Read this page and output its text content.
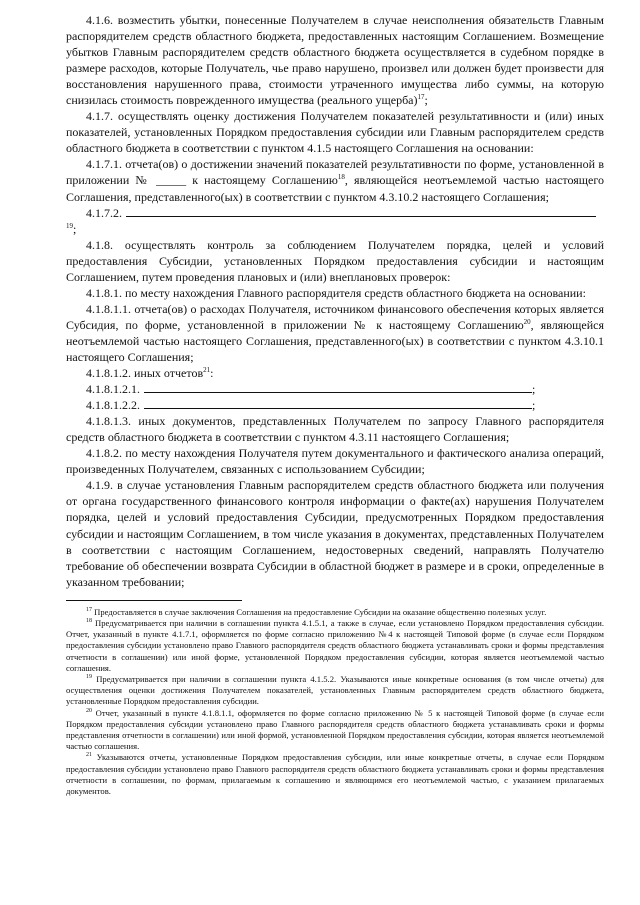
4.1.6. возместить убытки, понесенные Получателем в случае неисполнения обязательств Главным распорядителем средств областного бюджета, предоставленных настоящим Соглашением. Возмещение убытков Главным распорядителем средств областного бюджета осуществляется в судебном порядке в размере расходов, которые Получатель, чье право нарушено, произвел или должен будет произвести для восстановления нарушенного права, стоимости утраченного имущества либо суммы, на которую снизилась стоимость поврежденного имущества (реального ущерба)$^{17}$;

4.1.7. осуществлять оценку достижения Получателем показателей результативности и (или) иных показателей, установленных Порядком предоставления субсидии или Главным распорядителем средств областного бюджета в соответствии с пунктом 4.1.5 настоящего Соглашения на основании:

4.1.7.1. отчета(ов) о достижении значений показателей результативности по форме, установленной в приложении № _____ к настоящему Соглашению$^{18}$, являющейся неотъемлемой частью настоящего Соглашения, представленного(ых) в соответствии с пунктом 4.3.10.2 настоящего Соглашения;

4.1.7.2.19;

4.1.8. осуществлять контроль за соблюдением Получателем порядка, целей и условий предоставления Субсидии, установленных Порядком предоставления субсидии и настоящим Соглашением, путем проведения плановых и (или) внеплановых проверок:

4.1.8.1. по месту нахождения Главного распорядителя средств областного бюджета на основании:

4.1.8.1.1. отчета(ов) о расходах Получателя, источником финансового обеспечения которых является Субсидия, по форме, установленной в приложении № к настоящему Соглашению$^{20}$, являющейся неотъемлемой частью настоящего Соглашения, представленного(ых) в соответствии с пунктом 4.3.10.1 настоящего Соглашения;

4.1.8.1.2. иных отчетов$^{21}$:

4.1.8.1.2.1.	;

4.1.8.1.2.2.	;

4.1.8.1.3. иных документов, представленных Получателем по запросу Главного распорядителя средств областного бюджета в соответствии с пунктом 4.3.11 настоящего Соглашения;

4.1.8.2. по месту нахождения Получателя путем документального и фактического анализа операций, произведенных Получателем, связанных с использованием Субсидии;

4.1.9. в случае установления Главным распорядителем средств областного бюджета или получения от органа государственного финансового контроля информации о факте(ах) нарушения Получателем порядка, целей и условий предоставления Субсидии, предусмотренных Порядком предоставления субсидии и настоящим Соглашением, в том числе указания в документах, представленных Получателем в соответствии с настоящим Соглашением, недостоверных сведений, направлять Получателю требование об обеспечении возврата Субсидии в областной бюджет в размере и в сроки, определенные в указанном требовании;

$^{17}$ Предоставляется в случае заключения Соглашения на предоставление Субсидии на оказание общественно полезных услуг.

$^{18}$ Предусматривается при наличии в соглашении пункта 4.1.5.1, а также в случае, если установлено Порядком предоставления субсидии. Отчет, указанный в пункте 4.1.7.1, оформляется по форме согласно приложению №4 к настоящей Типовой форме (в случае если Порядком предоставления субсидии установлено право Главного распорядителя средств областного бюджета устанавливать сроки и формы представления отчетности в соглашении) или иной форме, установленной Порядком предоставления субсидии, которая является неотъемлемой частью соглашения.

$^{19}$ Предусматривается при наличии в соглашении пункта 4.1.5.2. Указываются иные конкретные основания (в том числе отчеты) для осуществления оценки достижения Получателем показателей, установленных Главным распорядителем средств областного бюджета, установленные Порядком предоставления субсидии.

$^{20}$ Отчет, указанный в пункте 4.1.8.1.1, оформляется по форме согласно приложению № 5 к настоящей Типовой форме (в случае если Порядком предоставления субсидии установлено право Главного распорядителя средств областного бюджета устанавливать сроки и формы представления отчетности в соглашении) или иной формой, установленной Порядком предоставления субсидии, которая является неотъемлемой частью соглашения.

$^{21}$ Указываются отчеты, установленные Порядком предоставления субсидии, или иные конкретные отчеты, в случае если Порядком предоставления субсидии установлено право Главного распорядителя средств областного бюджета устанавливать сроки и формы представления отчетности в соглашении, по формам, прилагаемым к соглашению и являющимся его неотъемлемой частью, с указанием прилагаемых документов.
